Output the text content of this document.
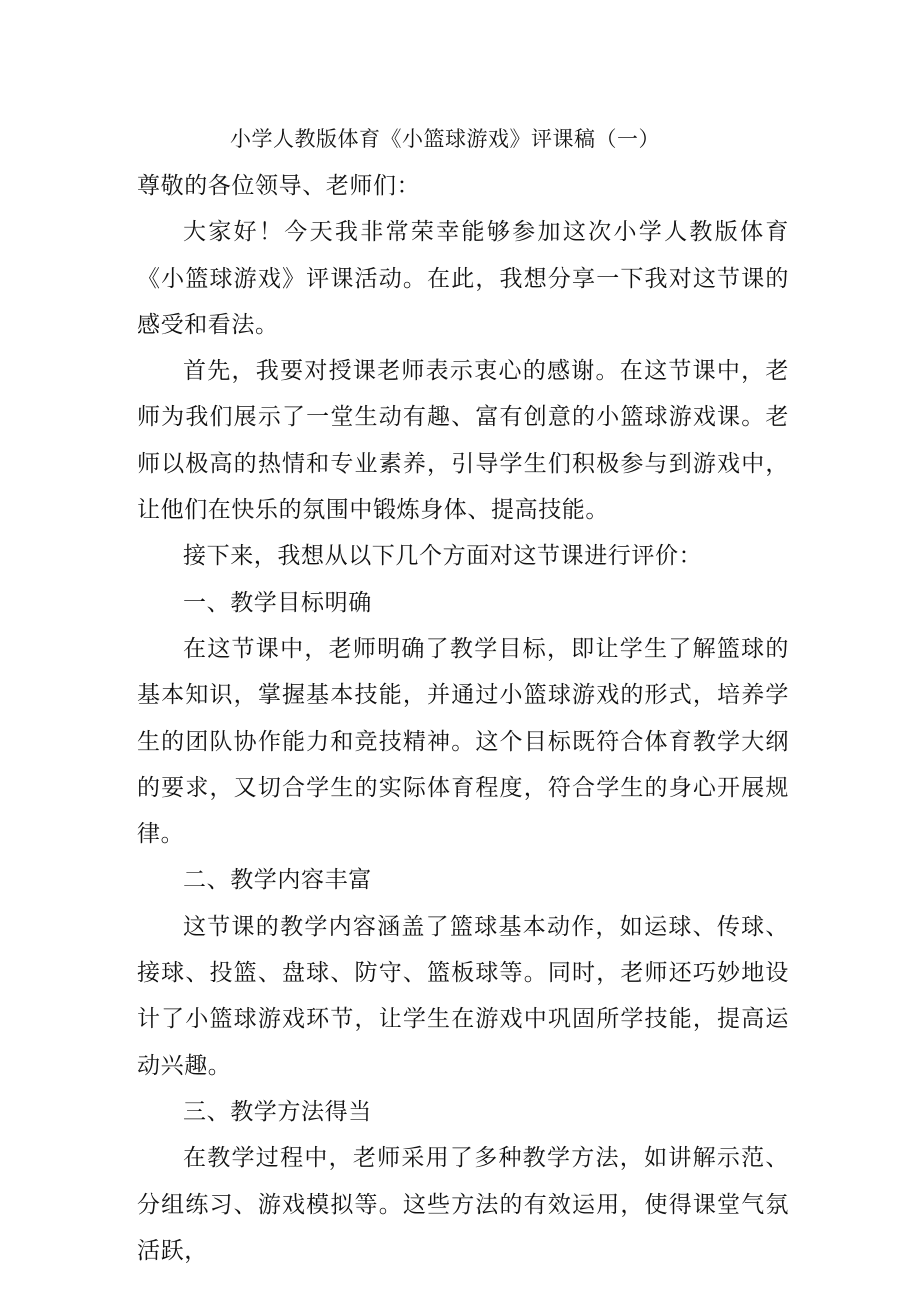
小学人教版体育《小篮球游戏》评课稿（一）

尊敬的各位领导、老师们：

大家好！今天我非常荣幸能够参加这次小学人教版体育《小篮球游戏》评课活动。在此，我想分享一下我对这节课的感受和看法。

首先，我要对授课老师表示衷心的感谢。在这节课中，老师为我们展示了一堂生动有趣、富有创意的小篮球游戏课。老师以极高的热情和专业素养，引导学生们积极参与到游戏中，让他们在快乐的氛围中锻炼身体、提高技能。

接下来，我想从以下几个方面对这节课进行评价：

一、教学目标明确

在这节课中，老师明确了教学目标，即让学生了解篮球的基本知识，掌握基本技能，并通过小篮球游戏的形式，培养学生的团队协作能力和竞技精神。这个目标既符合体育教学大纲的要求，又切合学生的实际体育程度，符合学生的身心开展规律。

二、教学内容丰富

这节课的教学内容涵盖了篮球基本动作，如运球、传球、接球、投篮、盘球、防守、篮板球等。同时，老师还巧妙地设计了小篮球游戏环节，让学生在游戏中巩固所学技能，提高运动兴趣。

三、教学方法得当

在教学过程中，老师采用了多种教学方法，如讲解示范、分组练习、游戏模拟等。这些方法的有效运用，使得课堂气氛活跃，
